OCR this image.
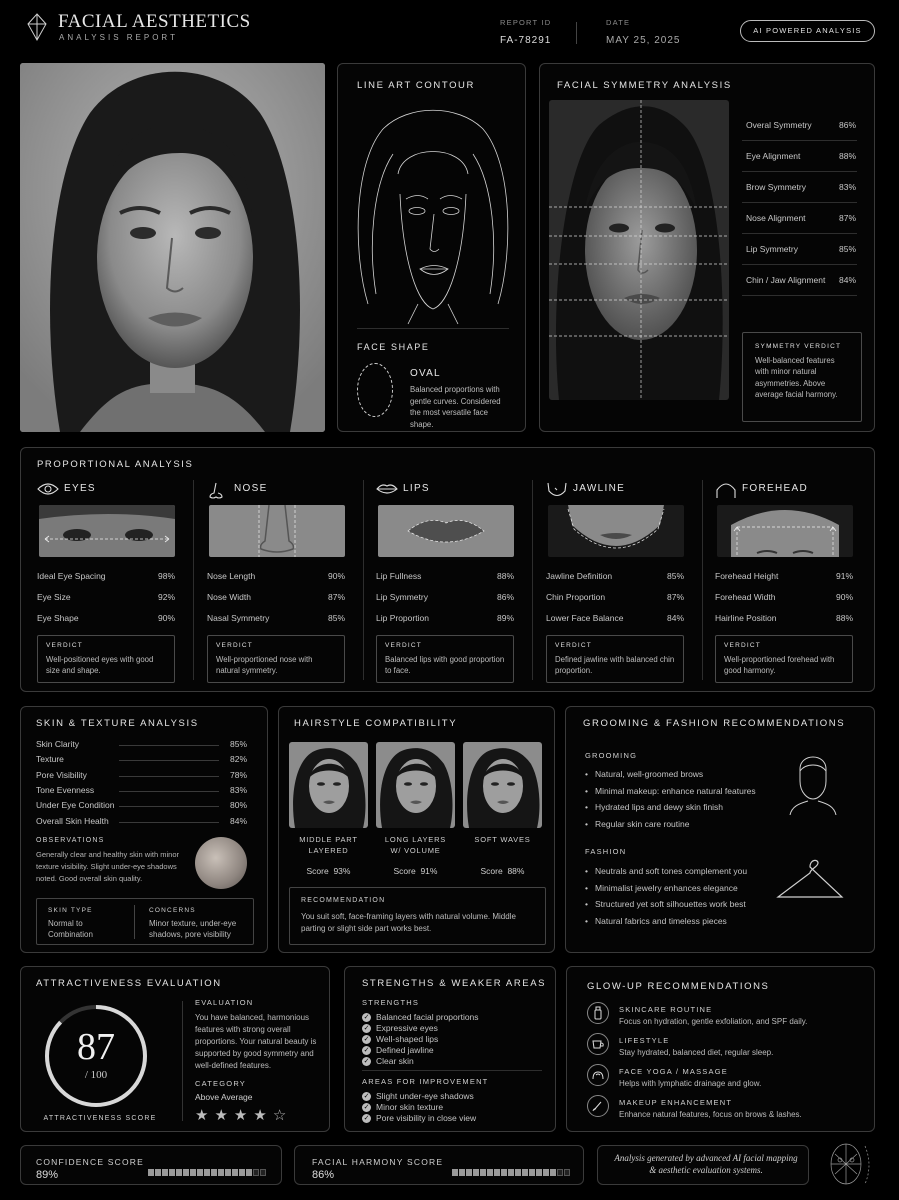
FACIAL AESTHETICS
ANALYSIS REPORT
REPORT ID
FA-78291
DATE
MAY 25, 2025
AI POWERED ANALYSIS
LINE ART CONTOUR
FACE SHAPE
OVAL
Balanced proportions with gentle curves. Considered the most versatile face shape.
FACIAL SYMMETRY ANALYSIS
SYMMETRY VERDICT
Well-balanced features with minor natural asymmetries. Above average facial harmony.
Overal Symmetry	86%
Eye Alignment	88%
Brow Symmetry	83%
Nose Alignment	87%
Lip Symmetry	85%
Chin / Jaw Alignment 84%
PROPORTIONAL ANALYSIS
EYES
Ideal Eye Spacing	98%
Eye Size	92%
Eye Shape	90%
VERDICT
Well-positioned eyes with good size and shape.
NOSE
Nose Length	90%
Nose Width	87%
Nasal Symmetry	85%
VERDICT
Well-proportioned nose with natural symmetry.
LIPS
Lip Fullness	88%
Lip Symmetry	86%
Lip Proportion	89%
VERDICT
Balanced lips with good proportion to face.
JAWLINE
Jawline Definition	85%
Chin Proportion	87%
Lower Face Balance	84%
VERDICT
Defined jawline with balanced chin proportion.
FOREHEAD
Forehead Height	91%
Forehead Width	90%
Hairline Position	88%
VERDICT
Well-proportioned forehead with good harmony.
SKIN & TEXTURE ANALYSIS
OBSERVATIONS
Generally clear and healthy skin with minor texture visibility. Slight under-eye shadows noted. Good overall skin quality.
SKIN TYPE
Normal to Combination
CONCERNS
Minor texture, under-eye shadows, pore visibility
Skin Clarity	85%
Texture	82%
Pore Visibility	78%
Tone Evenness	83%
Under Eye Condition	80%
Overall Skin Health	84%
HAIRSTYLE COMPATIBILITY
RECOMMENDATION
You suit soft, face-framing layers with natural volume. Middle parting or slight side part works best.
MIDDLE PART LAYERED
Score  93%
LONG LAYERS W/ VOLUME
Score  91%
SOFT WAVES
Score  88%
GROOMING & FASHION RECOMMENDATIONS
GROOMING
• Natural, well-groomed brows
• Minimal makeup: enhance natural features
• Hydrated lips and dewy skin finish
• Regular skin care routine
FASHION
• Neutrals and soft tones complement you
• Minimalist jewelry enhances elegance
• Structured yet soft silhouettes work best
• Natural fabrics and timeless pieces
ATTRACTIVENESS EVALUATION
87
/ 100
ATTRACTIVENESS SCORE
EVALUATION
You have balanced, harmonious features with strong overall proportions. Your natural beauty is supported by good symmetry and well-defined features.
CATEGORY
Above Average
★★★★☆
STRENGTHS & WEAKER AREAS
STRENGTHS
✓ Balanced facial proportions
✓ Expressive eyes
✓ Well-shaped lips
✓ Defined jawline
✓ Clear skin
AREAS FOR IMPROVEMENT
✓ Slight under-eye shadows
✓ Minor skin texture
✓ Pore visibility in close view
GLOW-UP RECOMMENDATIONS
SKINCARE ROUTINE
Focus on hydration, gentle exfoliation, and SPF daily.
LIFESTYLE
Stay hydrated, balanced diet, regular sleep.
FACE YOGA / MASSAGE
Helps with lymphatic drainage and glow.
MAKEUP ENHANCEMENT
Enhance natural features, focus on brows & lashes.
CONFIDENCE SCORE
89%
FACIAL HARMONY SCORE
86%
Analysis generated by advanced AI facial mapping & aesthetic evaluation systems.
